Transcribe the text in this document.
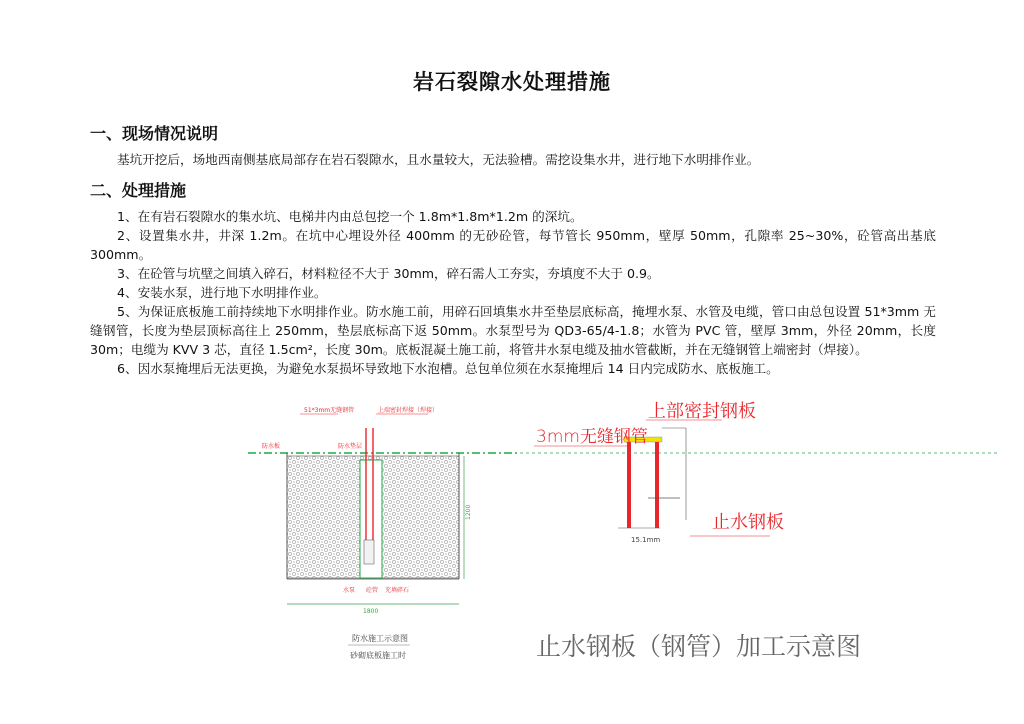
岩石裂隙水处理措施
一、现场情况说明

基坑开挖后，场地西南侧基底局部存在岩石裂隙水，且水量较大，无法验槽。需挖设集水井，进行地下水明排作业。

二、处理措施

1、在有岩石裂隙水的集水坑、电梯井内由总包挖一个 1.8m*1.8m*1.2m 的深坑。

2、设置集水井，井深 1.2m。在坑中心埋设外径 400mm 的无砂砼管，每节管长 950mm，壁厚 50mm，孔隙率 25~30%，砼管高出基底 300mm。

3、在砼管与坑壁之间填入碎石，材料粒径不大于 30mm，碎石需人工夯实，夯填度不大于 0.9。

4、安装水泵，进行地下水明排作业。

5、为保证底板施工前持续地下水明排作业。防水施工前，用碎石回填集水井至垫层底标高，掩埋水泵、水管及电缆，管口由总包设置 51*3mm 无缝钢管，长度为垫层顶标高往上 250mm，垫层底标高下返 50mm。水泵型号为 QD3-65/4-1.8；水管为 PVC 管，壁厚 3mm，外径 20mm，长度 30m；电缆为 KVV 3 芯，直径 1.5cm²，长度 30m。底板混凝土施工前，将管井水泵电缆及抽水管截断，并在无缝钢管上端密封（焊接）。

6、因水泵掩埋后无法更换，为避免水泵损坏导致地下水泡槽。总包单位须在水泵掩埋后 14 日内完成防水、底板施工。

51*3mm无缝钢管	上端密封焊接（焊接）
防水板	防水垫层
1200
水泵 砼管 充填碎石
1800
防水施工示意图
砂砌底板施工时
15.1mm
上部密封钢板
3mm无缝钢管
止水钢板
止水钢板（钢管）加工示意图
